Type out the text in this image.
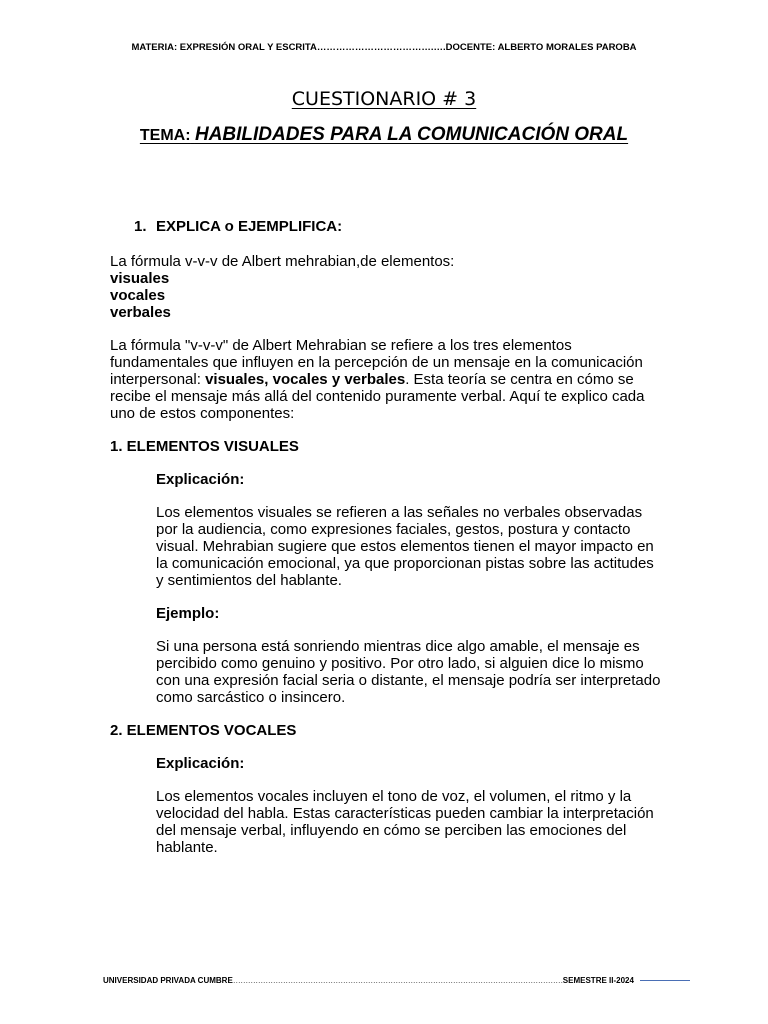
MATERIA: EXPRESIÓN ORAL Y ESCRITA……………………………….….DOCENTE: ALBERTO MORALES PAROBA
CUESTIONARIO # 3
TEMA: HABILIDADES PARA LA COMUNICACIÓN ORAL
1. EXPLICA o EJEMPLIFICA:

La fórmula v-v-v de Albert mehrabian,de elementos:

visuales

vocales

verbales

La fórmula "v-v-v" de Albert Mehrabian se refiere a los tres elementos fundamentales que influyen en la percepción de un mensaje en la comunicación interpersonal: visuales, vocales y verbales. Esta teoría se centra en cómo se recibe el mensaje más allá del contenido puramente verbal. Aquí te explico cada uno de estos componentes:

1. ELEMENTOS VISUALES

Explicación:

Los elementos visuales se refieren a las señales no verbales observadas por la audiencia, como expresiones faciales, gestos, postura y contacto visual. Mehrabian sugiere que estos elementos tienen el mayor impacto en la comunicación emocional, ya que proporcionan pistas sobre las actitudes y sentimientos del hablante.

Ejemplo:

Si una persona está sonriendo mientras dice algo amable, el mensaje es percibido como genuino y positivo. Por otro lado, si alguien dice lo mismo con una expresión facial seria o distante, el mensaje podría ser interpretado como sarcástico o insincero.

2. ELEMENTOS VOCALES

Explicación:

Los elementos vocales incluyen el tono de voz, el volumen, el ritmo y la velocidad del habla. Estas características pueden cambiar la interpretación del mensaje verbal, influyendo en cómo se perciben las emociones del hablante.

UNIVERSIDAD PRIVADA CUMBRE …………………………………………………………………………………………………………………… SEMESTRE II-2024
